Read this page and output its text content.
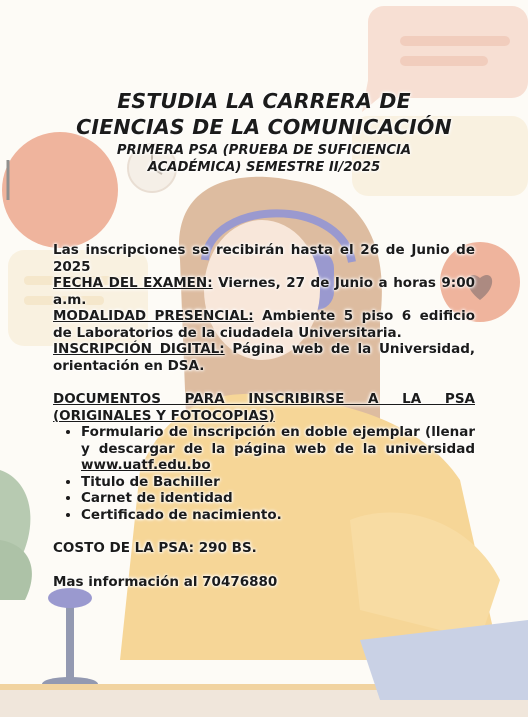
ESTUDIA LA CARRERA DE
CIENCIAS DE LA COMUNICACIÓN
PRIMERA PSA (PRUEBA DE SUFICIENCIA
ACADÉMICA) SEMESTRE II/2025

Las inscripciones se recibirán hasta el 26 de Junio de 2025

FECHA DEL EXAMEN: Viernes, 27 de Junio a horas 9:00 a.m.

MODALIDAD PRESENCIAL: Ambiente 5 piso 6 edificio de Laboratorios de la ciudadela Universitaria.

INSCRIPCIÓN DIGITAL: Página web de la Universidad, orientación en DSA.

DOCUMENTOS PARA INSCRIBIRSE A LA PSA (ORIGINALES Y FOTOCOPIAS)

• Formulario de inscripción en doble ejemplar (llenar y descargar de la página web de la universidad www.uatf.edu.bo
• Titulo de Bachiller
• Carnet de identidad
• Certificado de nacimiento.

COSTO DE LA PSA: 290 BS.

Mas información al 70476880
